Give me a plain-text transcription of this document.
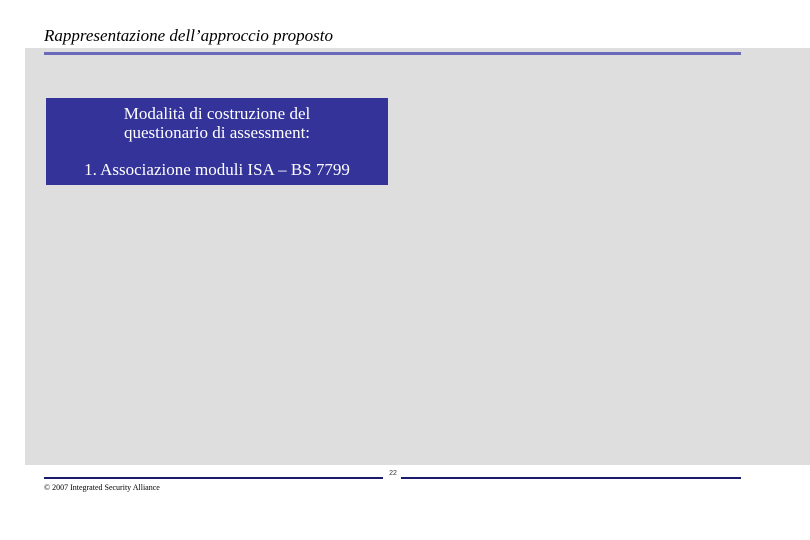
Rappresentazione dell’approccio proposto
Modalità di costruzione del
questionario di assessment:
1. Associazione moduli ISA – BS 7799
22
© 2007 Integrated Security Alliance
